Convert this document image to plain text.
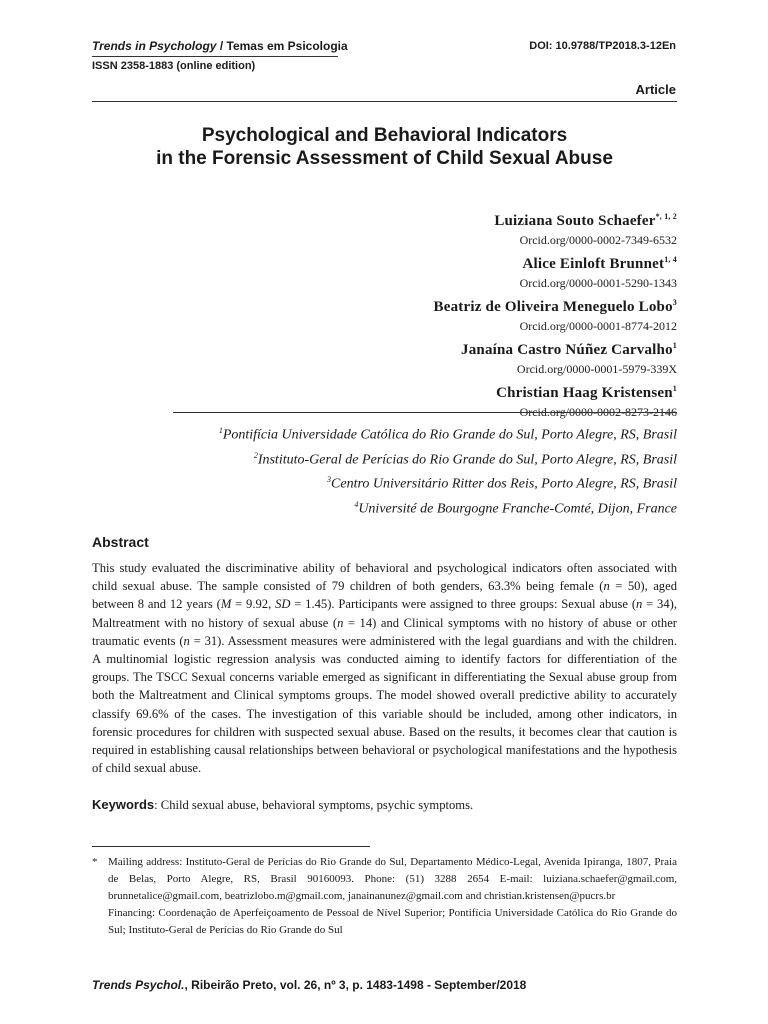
Trends in Psychology / Temas em Psicologia
ISSN 2358-1883 (online edition)
DOI: 10.9788/TP2018.3-12En
Article
Psychological and Behavioral Indicators
in the Forensic Assessment of Child Sexual Abuse
Luiziana Souto Schaefer$^{*, 1, 2}$
Orcid.org/0000-0002-7349-6532
Alice Einloft Brunnet$^{1, 4}$
Orcid.org/0000-0001-5290-1343
Beatriz de Oliveira Meneguelo Lobo$^3$
Orcid.org/0000-0001-8774-2012
Janaína Castro Núñez Carvalho$^1$
Orcid.org/0000-0001-5979-339X
Christian Haag Kristensen$^1$
Orcid.org/0000-0002-8273-2146
$^1$Pontifícia Universidade Católica do Rio Grande do Sul, Porto Alegre, RS, Brasil
$^2$Instituto-Geral de Perícias do Rio Grande do Sul, Porto Alegre, RS, Brasil
$^3$Centro Universitário Ritter dos Reis, Porto Alegre, RS, Brasil
$^4$Université de Bourgogne Franche-Comté, Dijon, France
Abstract
This study evaluated the discriminative ability of behavioral and psychological indicators often associated with child sexual abuse. The sample consisted of 79 children of both genders, 63.3% being female (n = 50), aged between 8 and 12 years (M = 9.92, SD = 1.45). Participants were assigned to three groups: Sexual abuse (n = 34), Maltreatment with no history of sexual abuse (n = 14) and Clinical symptoms with no history of abuse or other traumatic events (n = 31). Assessment measures were administered with the legal guardians and with the children. A multinomial logistic regression analysis was conducted aiming to identify factors for differentiation of the groups. The TSCC Sexual concerns variable emerged as significant in differentiating the Sexual abuse group from both the Maltreatment and Clinical symptoms groups. The model showed overall predictive ability to accurately classify 69.6% of the cases. The investigation of this variable should be included, among other indicators, in forensic procedures for children with suspected sexual abuse. Based on the results, it becomes clear that caution is required in establishing causal relationships between behavioral or psychological manifestations and the hypothesis of child sexual abuse.
Keywords: Child sexual abuse, behavioral symptoms, psychic symptoms.
* Mailing address: Instituto-Geral de Perícias do Rio Grande do Sul, Departamento Médico-Legal, Avenida Ipiranga, 1807, Praia de Belas, Porto Alegre, RS, Brasil 90160093. Phone: (51) 3288 2654 E-mail: luiziana.schaefer@gmail.com, brunnetalice@gmail.com, beatrizlobo.m@gmail.com, janainanunez@gmail.com and christian.kristensen@pucrs.br
Financing: Coordenação de Aperfeiçoamento de Pessoal de Nível Superior; Pontifícia Universidade Católica do Rio Grande do Sul; Instituto-Geral de Perícias do Rio Grande do Sul
Trends Psychol., Ribeirão Preto, vol. 26, nº 3, p. 1483-1498 - September/2018
